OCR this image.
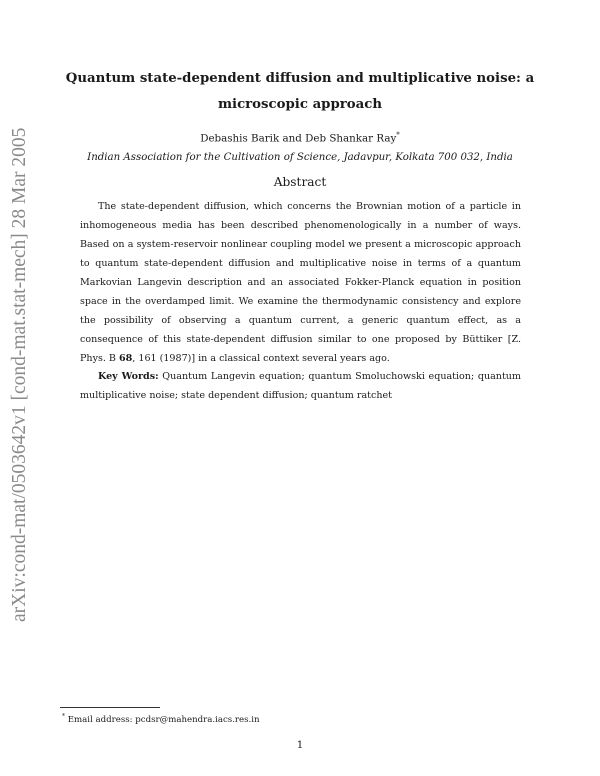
arXiv:cond-mat/0503642v1 [cond-mat.stat-mech] 28 Mar 2005
Quantum state-dependent diffusion and multiplicative noise: a microscopic approach

Debashis Barik and Deb Shankar Ray*

Indian Association for the Cultivation of Science, Jadavpur, Kolkata 700 032, India

Abstract

The state-dependent diffusion, which concerns the Brownian motion of a particle in inhomogeneous media has been described phenomenologically in a number of ways. Based on a system-reservoir nonlinear coupling model we present a microscopic approach to quantum state-dependent diffusion and multiplicative noise in terms of a quantum Markovian Langevin description and an associated Fokker-Planck equation in position space in the overdamped limit. We examine the thermodynamic consistency and explore the possibility of observing a quantum current, a generic quantum effect, as a consequence of this state-dependent diffusion similar to one proposed by Büttiker [Z. Phys. B 68, 161 (1987)] in a classical context several years ago.

Key Words: Quantum Langevin equation; quantum Smoluchowski equation; quantum multiplicative noise; state dependent diffusion; quantum ratchet

* Email address: pcdsr@mahendra.iacs.res.in

1
